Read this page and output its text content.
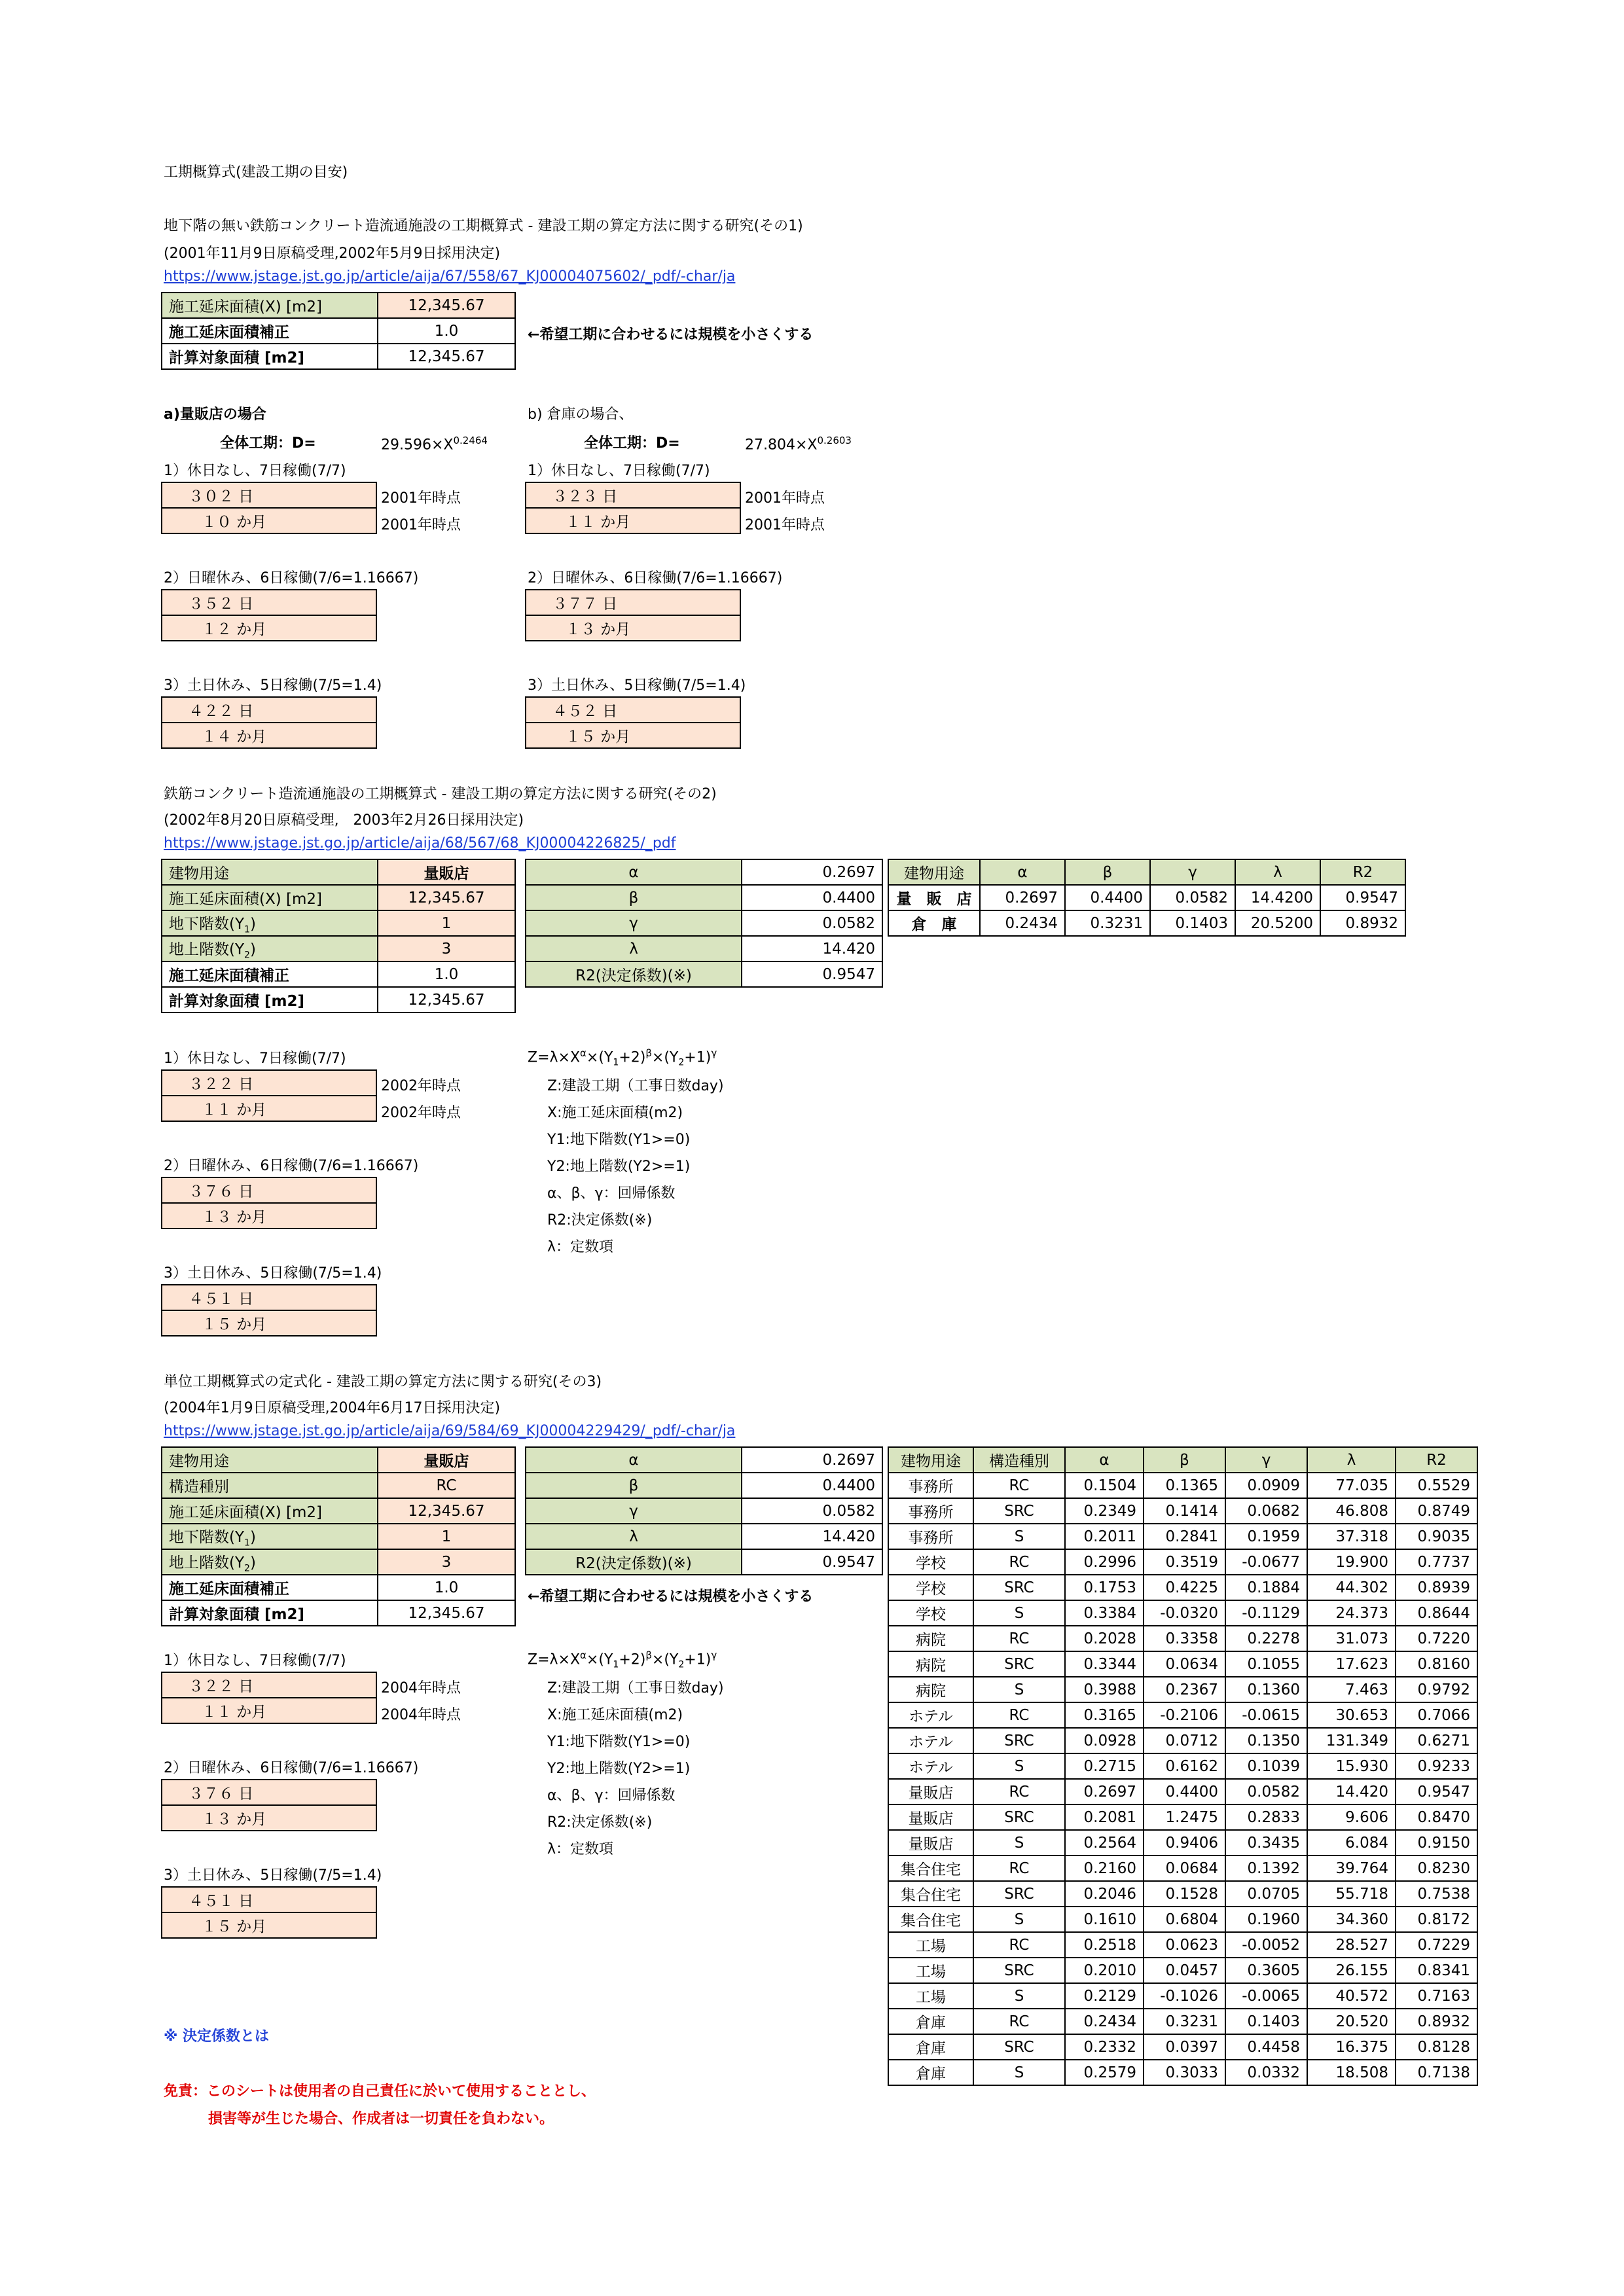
工期概算式(建設工期の目安)
地下階の無い鉄筋コンクリート造流通施設の工期概算式 - 建設工期の算定方法に関する研究(その1)
(2001年11月9日原稿受理,2002年5月9日採用決定)
https://www.jstage.jst.go.jp/article/aija/67/558/67_KJ00004075602/_pdf/-char/ja
施工延床面積(X) [m2]	12,345.67
施工延床面積補正	1.0
計算対象面積 [m2]	12,345.67
←希望工期に合わせるには規模を小さくする
a)量販店の場合	b) 倉庫の場合、
全体工期：D=	$29.596\times X^{0.2464}$	全体工期：D=	$27.804\times X^{0.2603}$
1）休日なし、7日稼働(7/7)
３０２ 日
１０ か月
2001年時点
2001年時点
2）日曜休み、6日稼働(7/6=1.16667)
３５２ 日
１２ か月
3）土日休み、5日稼働(7/5=1.4)
４２２ 日
１４ か月
1）休日なし、7日稼働(7/7)
３２３ 日
１１ か月
2001年時点
2001年時点
2）日曜休み、6日稼働(7/6=1.16667)
３７７ 日
１３ か月
3）土日休み、5日稼働(7/5=1.4)
４５２ 日
１５ か月
鉄筋コンクリート造流通施設の工期概算式 - 建設工期の算定方法に関する研究(その2)
(2002年8月20日原稿受理,　2003年2月26日採用決定)
https://www.jstage.jst.go.jp/article/aija/68/567/68_KJ00004226825/_pdf
建物用途	量販店
施工延床面積(X) [m2]	12,345.67
地下階数$(Y_1)$	1
地上階数$(Y_2)$	3
施工延床面積補正	1.0
計算対象面積 [m2]	12,345.67
α	0.2697
β	0.4400
γ	0.0582
λ	14.420
R2(決定係数)(※)	0.9547
建物用途	α	β	γ	λ	R2
量　販　店	0.2697	0.4400	0.0582	14.4200	0.9547
倉　庫	0.2434	0.3231	0.1403	20.5200	0.8932
1）休日なし、7日稼働(7/7)
３２２ 日
１１ か月
2002年時点
2002年時点
2）日曜休み、6日稼働(7/6=1.16667)
３７６ 日
１３ か月
3）土日休み、5日稼働(7/5=1.4)
４５１ 日
１５ か月
$Z=\lambda\times X^\alpha\times(Y_1+2)^\beta\times(Y_2+1)^\gamma$
Z:建設工期（工事日数day)
X:施工延床面積(m2)
Y1:地下階数(Y1>=0)
Y2:地上階数(Y2>=1)
α、β、γ：回帰係数
R2:決定係数(※)
λ：定数項
単位工期概算式の定式化 - 建設工期の算定方法に関する研究(その3)
(2004年1月9日原稿受理,2004年6月17日採用決定)
https://www.jstage.jst.go.jp/article/aija/69/584/69_KJ00004229429/_pdf/-char/ja
建物用途	量販店
構造種別	RC
施工延床面積(X) [m2]	12,345.67
地下階数$(Y_1)$	1
地上階数$(Y_2)$	3
施工延床面積補正	1.0
計算対象面積 [m2]	12,345.67
α	0.2697
β	0.4400
γ	0.0582
λ	14.420
R2(決定係数)(※)	0.9547
←希望工期に合わせるには規模を小さくする
1）休日なし、7日稼働(7/7)
３２２ 日
１１ か月
2004年時点
2004年時点
2）日曜休み、6日稼働(7/6=1.16667)
３７６ 日
１３ か月
3）土日休み、5日稼働(7/5=1.4)
４５１ 日
１５ か月
$Z=\lambda\times X^\alpha\times(Y_1+2)^\beta\times(Y_2+1)^\gamma$
Z:建設工期（工事日数day)
X:施工延床面積(m2)
Y1:地下階数(Y1>=0)
Y2:地上階数(Y2>=1)
α、β、γ：回帰係数
R2:決定係数(※)
λ：定数項
建物用途	構造種別	α	β	γ	λ	R2
事務所	RC	0.1504	0.1365	0.0909	77.035	0.5529
事務所	SRC	0.2349	0.1414	0.0682	46.808	0.8749
事務所	S	0.2011	0.2841	0.1959	37.318	0.9035
学校	RC	0.2996	0.3519	-0.0677	19.900	0.7737
学校	SRC	0.1753	0.4225	0.1884	44.302	0.8939
学校	S	0.3384	-0.0320	-0.1129	24.373	0.8644
病院	RC	0.2028	0.3358	0.2278	31.073	0.7220
病院	SRC	0.3344	0.0634	0.1055	17.623	0.8160
病院	S	0.3988	0.2367	0.1360	7.463	0.9792
ホテル	RC	0.3165	-0.2106	-0.0615	30.653	0.7066
ホテル	SRC	0.0928	0.0712	0.1350	131.349	0.6271
ホテル	S	0.2715	0.6162	0.1039	15.930	0.9233
量販店	RC	0.2697	0.4400	0.0582	14.420	0.9547
量販店	SRC	0.2081	1.2475	0.2833	9.606	0.8470
量販店	S	0.2564	0.9406	0.3435	6.084	0.9150
集合住宅	RC	0.2160	0.0684	0.1392	39.764	0.8230
集合住宅	SRC	0.2046	0.1528	0.0705	55.718	0.7538
集合住宅	S	0.1610	0.6804	0.1960	34.360	0.8172
工場	RC	0.2518	0.0623	-0.0052	28.527	0.7229
工場	SRC	0.2010	0.0457	0.3605	26.155	0.8341
工場	S	0.2129	-0.1026	-0.0065	40.572	0.7163
倉庫	RC	0.2434	0.3231	0.1403	20.520	0.8932
倉庫	SRC	0.2332	0.0397	0.4458	16.375	0.8128
倉庫	S	0.2579	0.3033	0.0332	18.508	0.7138
※ 決定係数とは
免責：このシートは使用者の自己責任に於いて使用することとし、
損害等が生じた場合、作成者は一切責任を負わない。
